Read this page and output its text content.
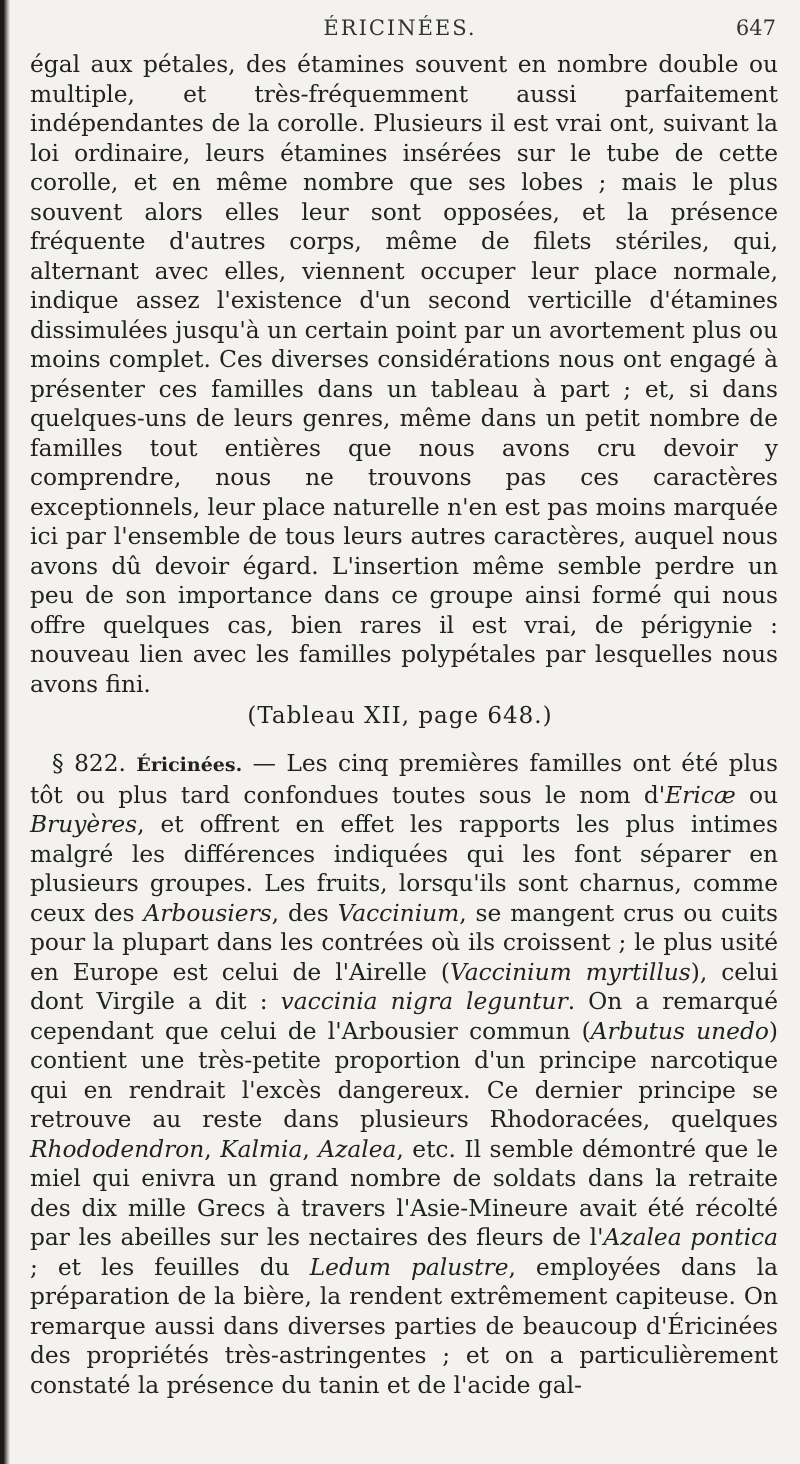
ÉRICINÉES.	647

égal aux pétales, des étamines souvent en nombre double ou multiple, et très-fréquemment aussi parfaitement indépendantes de la corolle. Plusieurs il est vrai ont, suivant la loi ordinaire, leurs étamines insérées sur le tube de cette corolle, et en même nombre que ses lobes ; mais le plus souvent alors elles leur sont opposées, et la présence fréquente d'autres corps, même de filets stériles, qui, alternant avec elles, viennent occuper leur place normale, indique assez l'existence d'un second verticille d'étamines dissimulées jusqu'à un certain point par un avortement plus ou moins complet. Ces diverses considérations nous ont engagé à présenter ces familles dans un tableau à part ; et, si dans quelques-uns de leurs genres, même dans un petit nombre de familles tout entières que nous avons cru devoir y comprendre, nous ne trouvons pas ces caractères exceptionnels, leur place naturelle n'en est pas moins marquée ici par l'ensemble de tous leurs autres caractères, auquel nous avons dû devoir égard. L'insertion même semble perdre un peu de son importance dans ce groupe ainsi formé qui nous offre quelques cas, bien rares il est vrai, de périgynie : nouveau lien avec les familles polypétales par lesquelles nous avons fini.

(Tableau XII, page 648.)

§ 822. Éricinées. — Les cinq premières familles ont été plus tôt ou plus tard confondues toutes sous le nom d'Ericæ ou Bruyères, et offrent en effet les rapports les plus intimes malgré les différences indiquées qui les font séparer en plusieurs groupes. Les fruits, lorsqu'ils sont charnus, comme ceux des Arbousiers, des Vaccinium, se mangent crus ou cuits pour la plupart dans les contrées où ils croissent ; le plus usité en Europe est celui de l'Airelle (Vaccinium myrtillus), celui dont Virgile a dit : vaccinia nigra leguntur. On a remarqué cependant que celui de l'Arbousier commun (Arbutus unedo) contient une très-petite proportion d'un principe narcotique qui en rendrait l'excès dangereux. Ce dernier principe se retrouve au reste dans plusieurs Rhodoracées, quelques Rhododendron, Kalmia, Azalea, etc. Il semble démontré que le miel qui enivra un grand nombre de soldats dans la retraite des dix mille Grecs à travers l'Asie-Mineure avait été récolté par les abeilles sur les nectaires des fleurs de l'Azalea pontica ; et les feuilles du Ledum palustre, employées dans la préparation de la bière, la rendent extrêmement capiteuse. On remarque aussi dans diverses parties de beaucoup d'Éricinées des propriétés très-astringentes ; et on a particulièrement constaté la présence du tanin et de l'acide gal-
